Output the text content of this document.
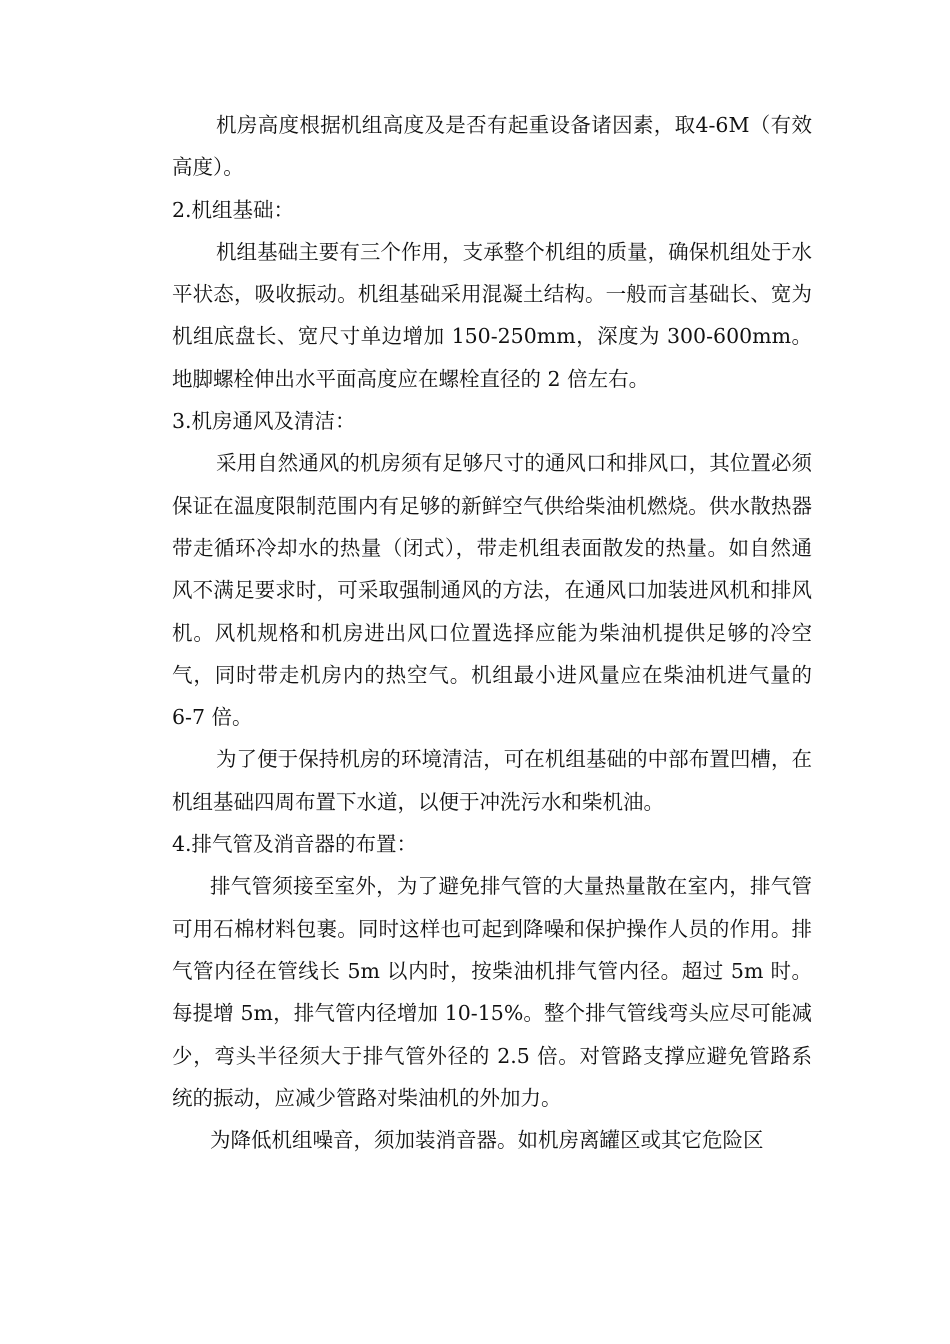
机房高度根据机组高度及是否有起重设备诸因素，取4-6M（有效高度）。

2.机组基础：

机组基础主要有三个作用，支承整个机组的质量，确保机组处于水平状态，吸收振动。机组基础采用混凝土结构。一般而言基础长、宽为机组底盘长、宽尺寸单边增加 150-250mm，深度为 300-600mm。地脚螺栓伸出水平面高度应在螺栓直径的 2 倍左右。

3.机房通风及清洁：

采用自然通风的机房须有足够尺寸的通风口和排风口，其位置必须保证在温度限制范围内有足够的新鲜空气供给柴油机燃烧。供水散热器带走循环冷却水的热量（闭式），带走机组表面散发的热量。如自然通风不满足要求时，可采取强制通风的方法，在通风口加装进风机和排风机。风机规格和机房进出风口位置选择应能为柴油机提供足够的冷空气，同时带走机房内的热空气。机组最小进风量应在柴油机进气量的 6-7 倍。

为了便于保持机房的环境清洁，可在机组基础的中部布置凹槽，在机组基础四周布置下水道，以便于冲洗污水和柴机油。

4.排气管及消音器的布置：

排气管须接至室外，为了避免排气管的大量热量散在室内，排气管可用石棉材料包裹。同时这样也可起到降噪和保护操作人员的作用。排气管内径在管线长 5m 以内时，按柴油机排气管内径。超过 5m 时。每提增 5m，排气管内径增加 10-15%。整个排气管线弯头应尽可能减少，弯头半径须大于排气管外径的 2.5 倍。对管路支撑应避免管路系统的振动，应减少管路对柴油机的外加力。

为降低机组噪音，须加装消音器。如机房离罐区或其它危险区
